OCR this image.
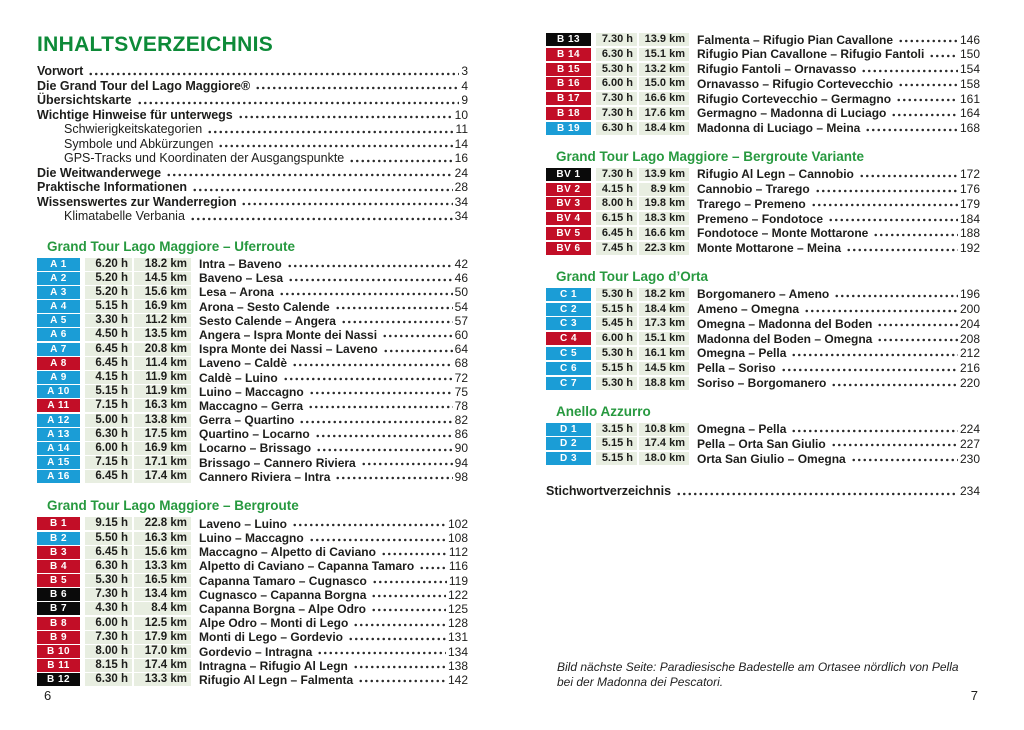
INHALTSVERZEICHNIS
Vorwort	3
Die Grand Tour del Lago Maggiore®	4
Übersichtskarte	9
Wichtige Hinweise für unterwegs	10
Schwierigkeitskategorien	11
Symbole und Abkürzungen	14
GPS-Tracks und Koordinaten der Ausgangspunkte	16
Die Weitwanderwege	24
Praktische Informationen	28
Wissenswertes zur Wanderregion	34
Klimatabelle Verbania	34
Grand Tour Lago Maggiore – Uferroute
A 1	6.20 h	18.2 km	Intra – Baveno	42
A 2	5.20 h	14.5 km	Baveno – Lesa	46
A 3	5.20 h	15.6 km	Lesa – Arona	50
A 4	5.15 h	16.9 km	Arona – Sesto Calende	54
A 5	3.30 h	11.2 km	Sesto Calende – Angera	57
A 6	4.50 h	13.5 km	Angera – Ispra Monte dei Nassi	60
A 7	6.45 h	20.8 km	Ispra Monte dei Nassi – Laveno	64
A 8	6.45 h	11.4 km	Laveno – Caldè	68
A 9	4.15 h	11.9 km	Caldè – Luino	72
A 10	5.15 h	11.9 km	Luino – Maccagno	75
A 11	7.15 h	16.3 km	Maccagno – Gerra	78
A 12	5.00 h	13.8 km	Gerra – Quartino	82
A 13	6.30 h	17.5 km	Quartino – Locarno	86
A 14	6.00 h	16.9 km	Locarno – Brissago	90
A 15	7.15 h	17.1 km	Brissago – Cannero Riviera	94
A 16	6.45 h	17.4 km	Cannero Riviera – Intra	98
Grand Tour Lago Maggiore – Bergroute
B 1	9.15 h	22.8 km	Laveno – Luino	102
B 2	5.50 h	16.3 km	Luino – Maccagno	108
B 3	6.45 h	15.6 km	Maccagno – Alpetto di Caviano	112
B 4	6.30 h	13.3 km	Alpetto di Caviano – Capanna Tamaro	116
B 5	5.30 h	16.5 km	Capanna Tamaro – Cugnasco	119
B 6	7.30 h	13.4 km	Cugnasco – Capanna Borgna	122
B 7	4.30 h	8.4 km	Capanna Borgna – Alpe Odro	125
B 8	6.00 h	12.5 km	Alpe Odro – Monti di Lego	128
B 9	7.30 h	17.9 km	Monti di Lego – Gordevio	131
B 10	8.00 h	17.0 km	Gordevio – Intragna	134
B 11	8.15 h	17.4 km	Intragna – Rifugio Al Legn	138
B 12	6.30 h	13.3 km	Rifugio Al Legn – Falmenta	142
B 13	7.30 h	13.9 km	Falmenta – Rifugio Pian Cavallone	146
B 14	6.30 h	15.1 km	Rifugio Pian Cavallone – Rifugio Fantoli	150
B 15	5.30 h	13.2 km	Rifugio Fantoli – Ornavasso	154
B 16	6.00 h	15.0 km	Ornavasso – Rifugio Cortevecchio	158
B 17	7.30 h	16.6 km	Rifugio Cortevecchio – Germagno	161
B 18	7.30 h	17.6 km	Germagno – Madonna di Luciago	164
B 19	6.30 h	18.4 km	Madonna di Luciago – Meina	168
Grand Tour Lago Maggiore – Bergroute Variante
BV 1	7.30 h	13.9 km	Rifugio Al Legn – Cannobio	172
BV 2	4.15 h	8.9 km	Cannobio – Trarego	176
BV 3	8.00 h	19.8 km	Trarego – Premeno	179
BV 4	6.15 h	18.3 km	Premeno – Fondotoce	184
BV 5	6.45 h	16.6 km	Fondotoce – Monte Mottarone	188
BV 6	7.45 h	22.3 km	Monte Mottarone – Meina	192
Grand Tour Lago d’Orta
C 1	5.30 h	18.2 km	Borgomanero – Ameno	196
C 2	5.15 h	18.4 km	Ameno – Omegna	200
C 3	5.45 h	17.3 km	Omegna – Madonna del Boden	204
C 4	6.00 h	15.1 km	Madonna del Boden – Omegna	208
C 5	5.30 h	16.1 km	Omegna – Pella	212
C 6	5.15 h	14.5 km	Pella – Soriso	216
C 7	5.30 h	18.8 km	Soriso – Borgomanero	220
Anello Azzurro
D 1	3.15 h	10.8 km	Omegna – Pella	224
D 2	5.15 h	17.4 km	Pella – Orta San Giulio	227
D 3	5.15 h	18.0 km	Orta San Giulio – Omegna	230
Stichwortverzeichnis	234
Bild nächste Seite: Paradiesische Badestelle am Ortasee nördlich von Pella bei der Madonna dei Pescatori.
6	7
